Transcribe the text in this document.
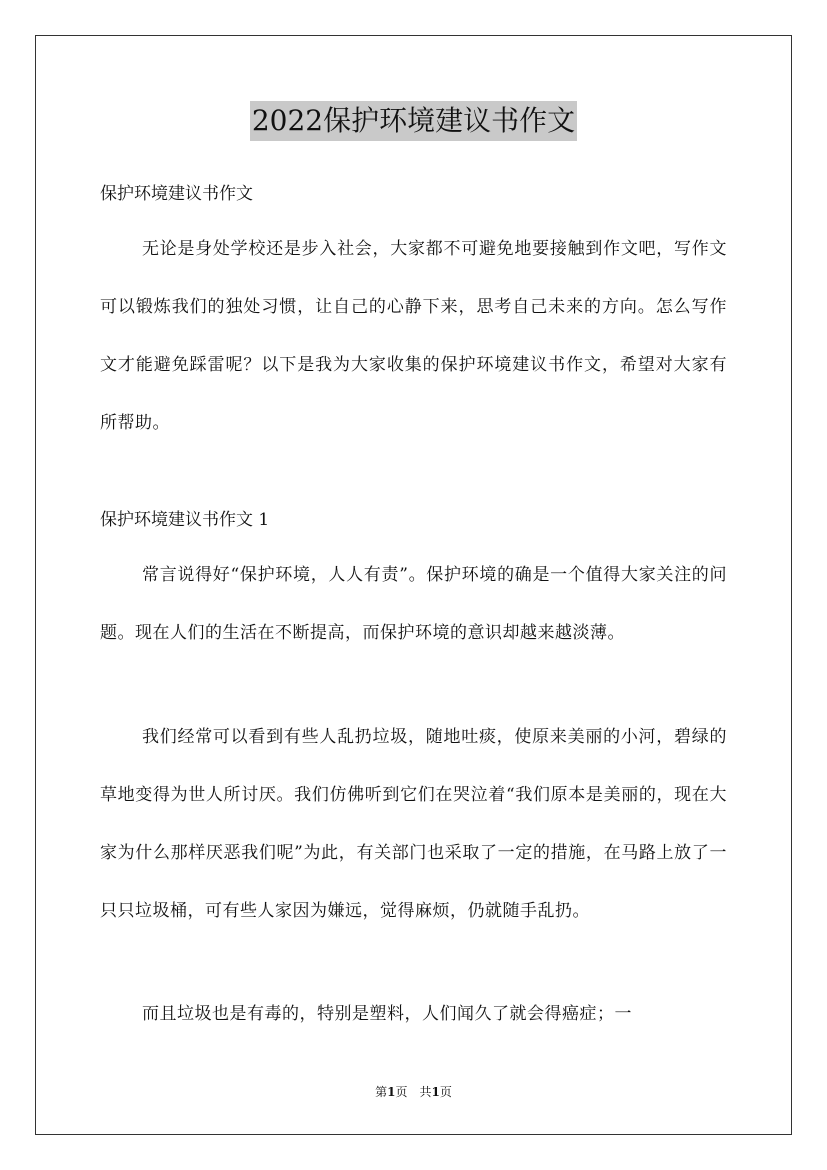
2022保护环境建议书作文
保护环境建议书作文
无论是身处学校还是步入社会，大家都不可避免地要接触到作文吧，写作文可以锻炼我们的独处习惯，让自己的心静下来，思考自己未来的方向。怎么写作文才能避免踩雷呢？以下是我为大家收集的保护环境建议书作文，希望对大家有所帮助。
保护环境建议书作文 1
常言说得好“保护环境，人人有责”。保护环境的确是一个值得大家关注的问题。现在人们的生活在不断提高，而保护环境的意识却越来越淡薄。
我们经常可以看到有些人乱扔垃圾，随地吐痰，使原来美丽的小河，碧绿的草地变得为世人所讨厌。我们仿佛听到它们在哭泣着“我们原本是美丽的，现在大家为什么那样厌恶我们呢”为此，有关部门也采取了一定的措施，在马路上放了一只只垃圾桶，可有些人家因为嫌远，觉得麻烦，仍就随手乱扔。
而且垃圾也是有毒的，特别是塑料，人们闻久了就会得癌症；一
第1页　共1页
